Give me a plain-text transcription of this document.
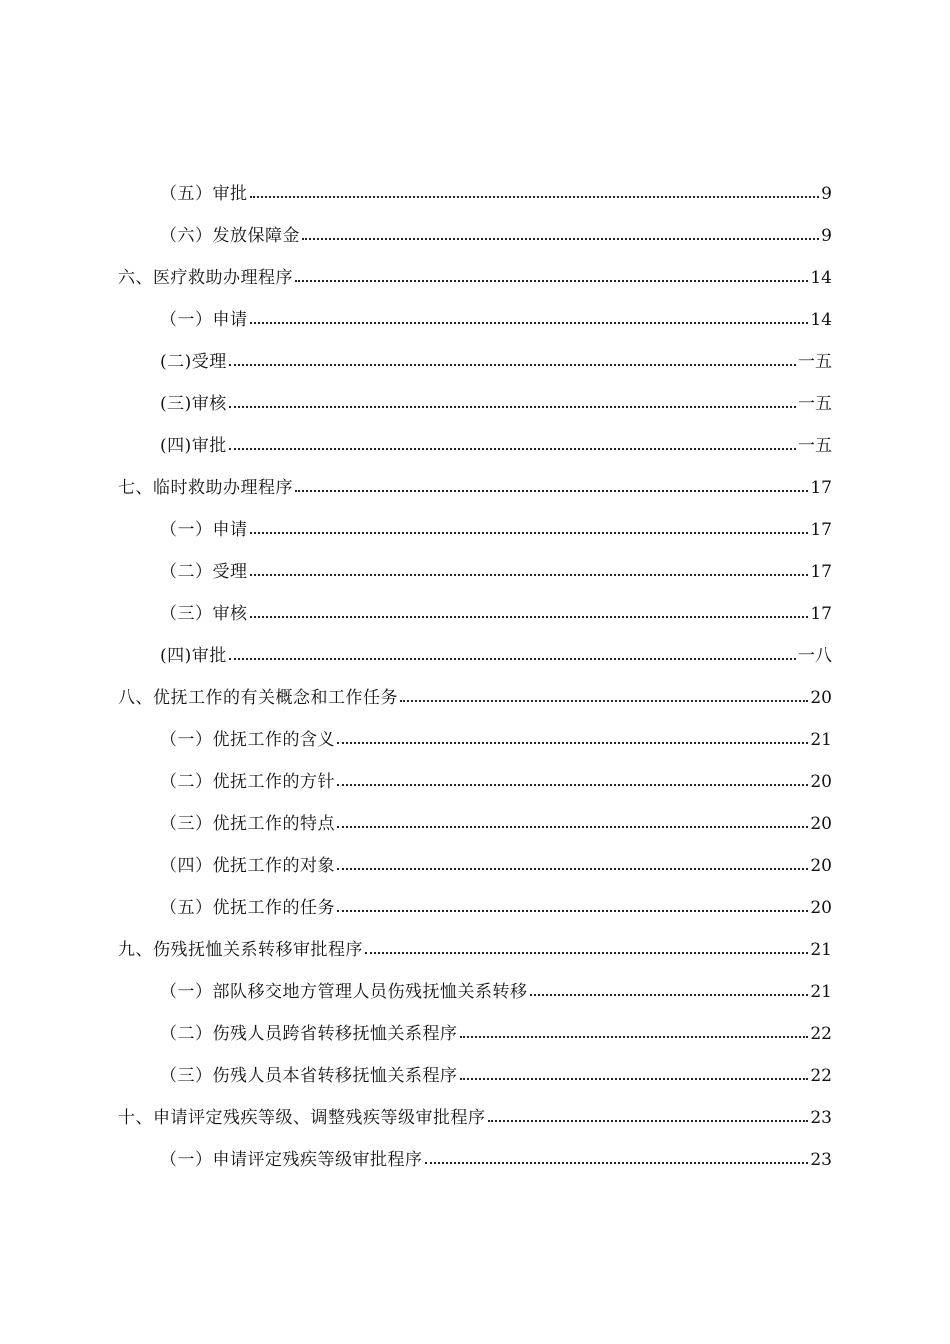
（五）审批	9
（六）发放保障金	9
六、医疗救助办理程序	14
（一）申请	14
(二)受理	一五
(三)审核	一五
(四)审批	一五
七、临时救助办理程序	17
（一）申请	17
（二）受理	17
（三）审核	17
(四)审批	一八
八、优抚工作的有关概念和工作任务	20
（一）优抚工作的含义	21
（二）优抚工作的方针	20
（三）优抚工作的特点	20
（四）优抚工作的对象	20
（五）优抚工作的任务	20
九、伤残抚恤关系转移审批程序	21
（一）部队移交地方管理人员伤残抚恤关系转移	21
（二）伤残人员跨省转移抚恤关系程序	22
（三）伤残人员本省转移抚恤关系程序	22
十、申请评定残疾等级、调整残疾等级审批程序	23
（一）申请评定残疾等级审批程序	23
